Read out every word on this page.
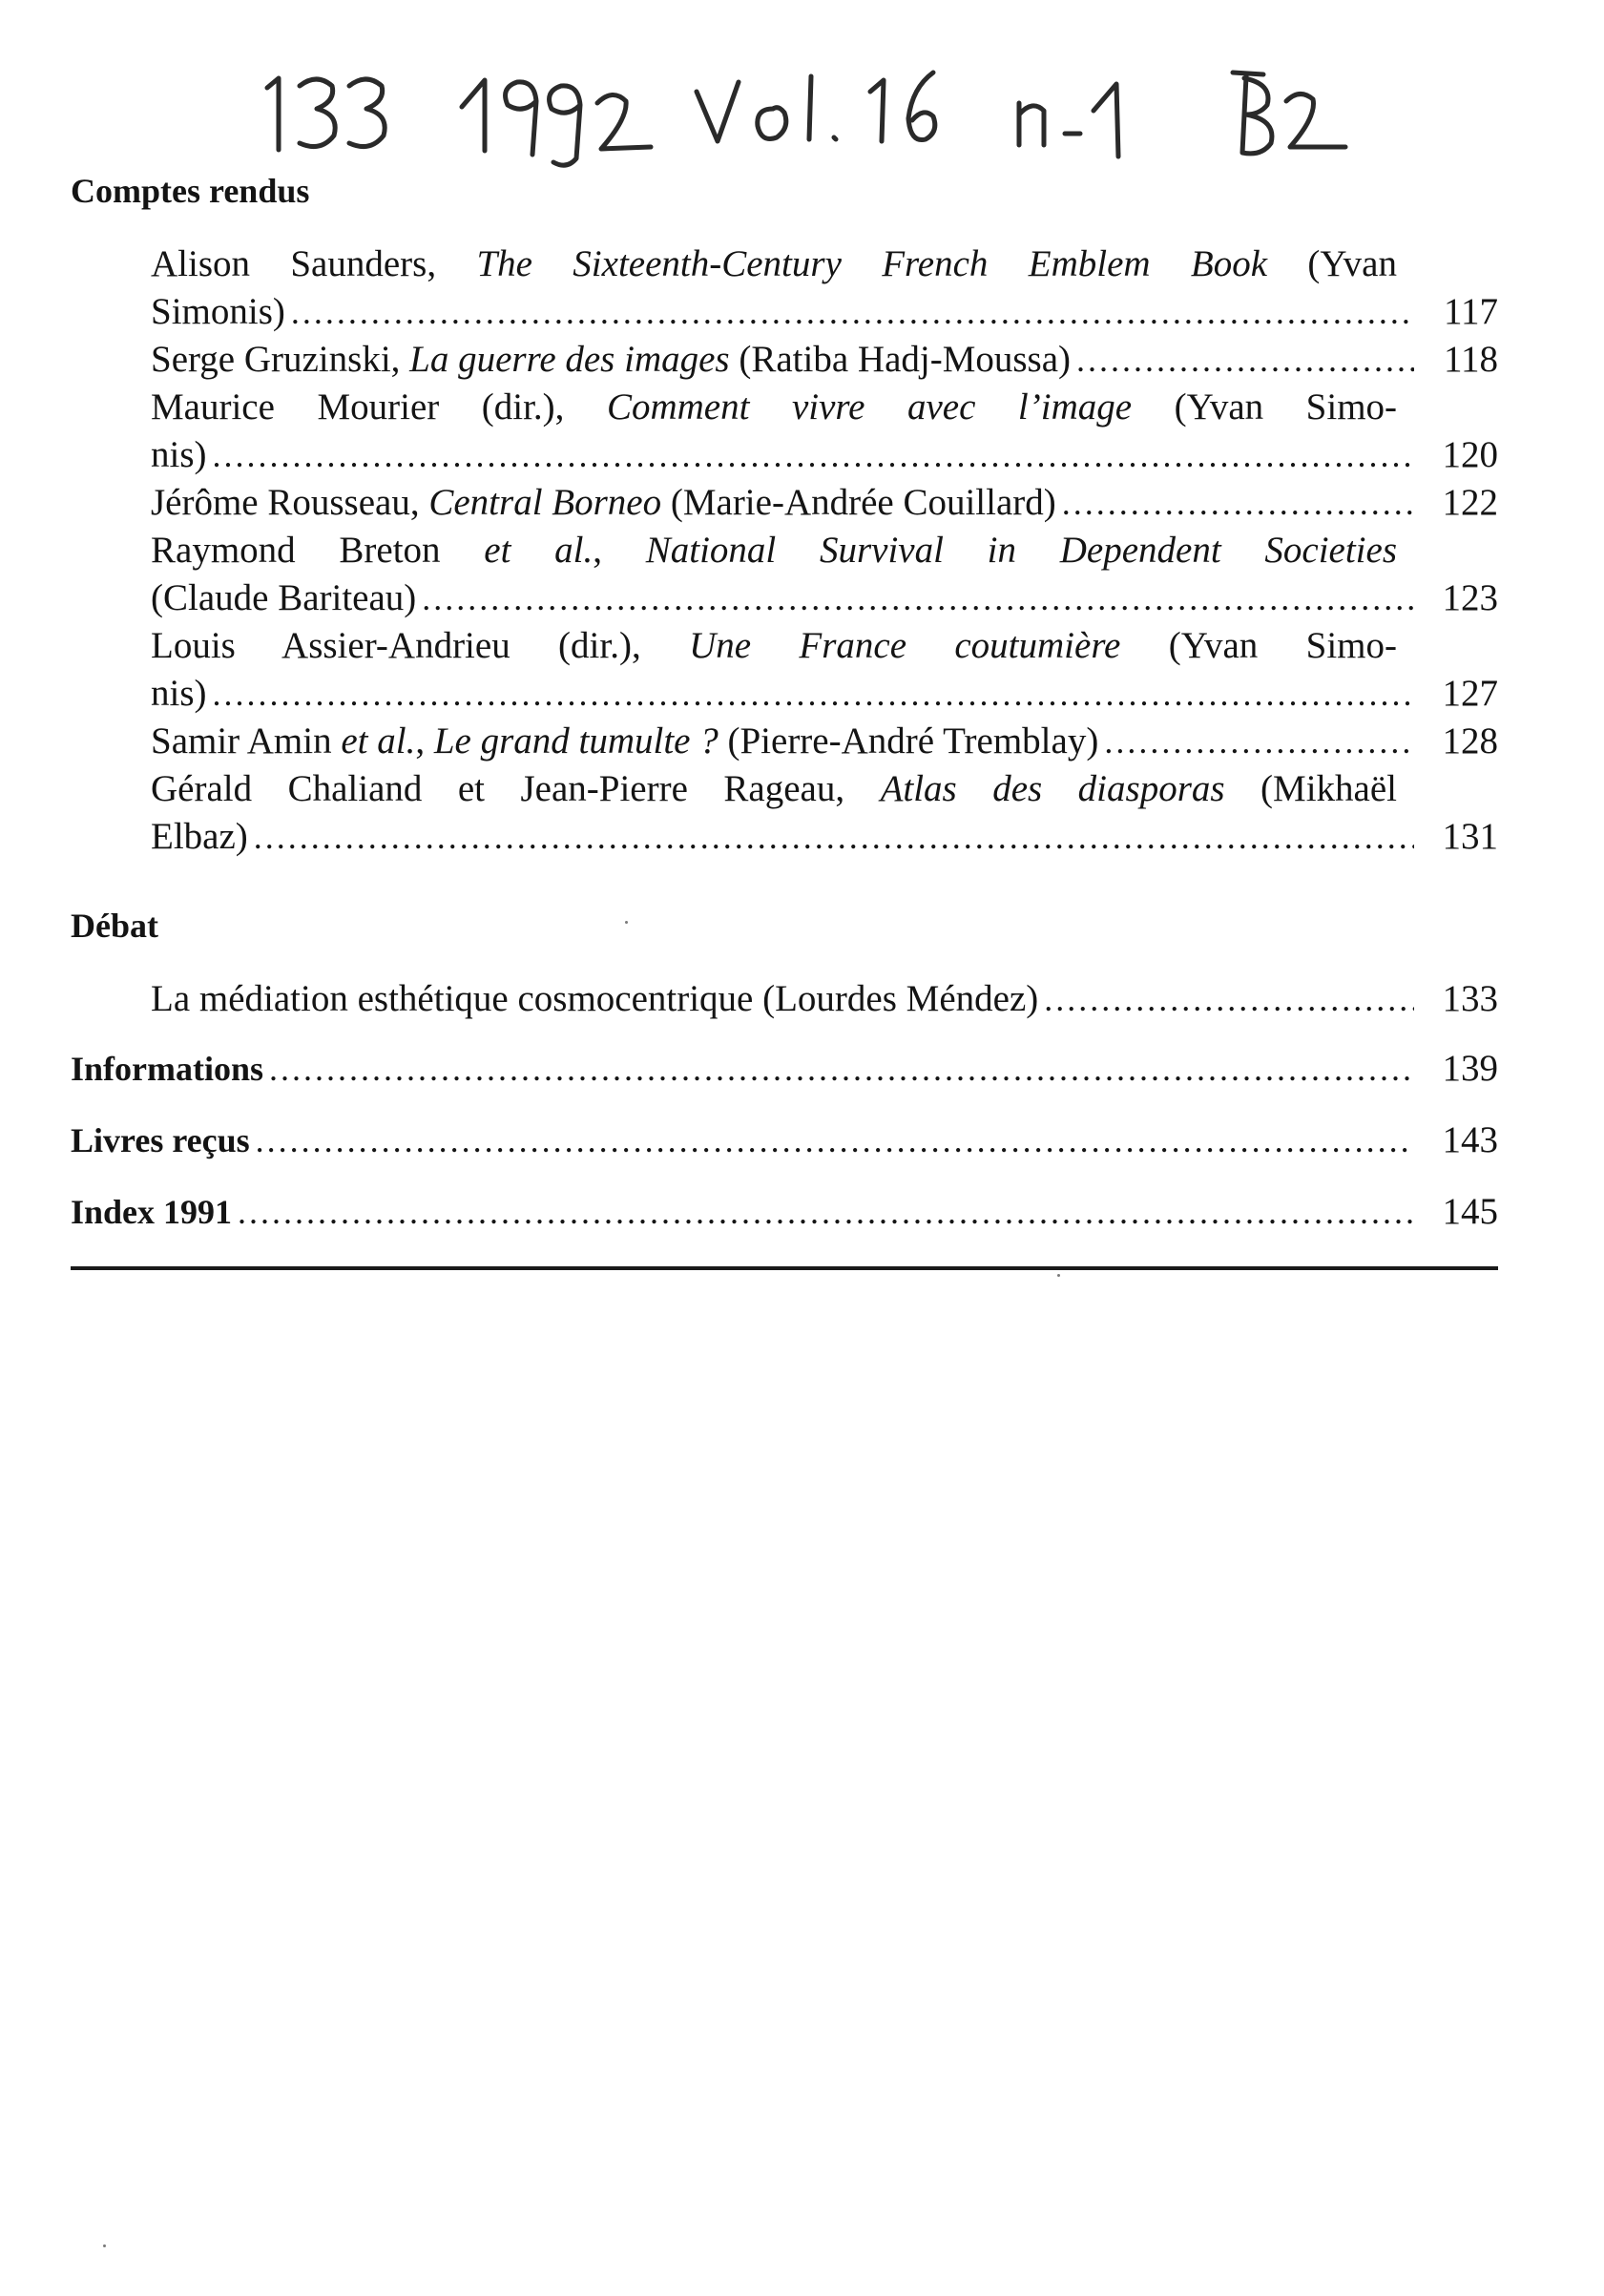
Comptes rendus
Alison Saunders, The Sixteenth-Century French Emblem Book (Yvan
Simonis) . . .	117
Serge Gruzinski, La guerre des images (Ratiba Hadj-Moussa) . . .	118
Maurice Mourier (dir.), Comment vivre avec l’image (Yvan Simo-
nis) . . .	120
Jérôme Rousseau, Central Borneo (Marie-Andrée Couillard) . . .	122
Raymond Breton et al., National Survival in Dependent Societies
(Claude Bariteau) . . .	123
Louis Assier-Andrieu (dir.), Une France coutumière (Yvan Simo-
nis) . . .	127
Samir Amin et al., Le grand tumulte ? (Pierre-André Tremblay) . . .	128
Gérald Chaliand et Jean-Pierre Rageau, Atlas des diasporas (Mikhaël
Elbaz) . . .	131
Débat
La médiation esthétique cosmocentrique (Lourdes Méndez) . . .	133
Informations . . .	139
Livres reçus . . .	143
Index 1991 . . .	145
